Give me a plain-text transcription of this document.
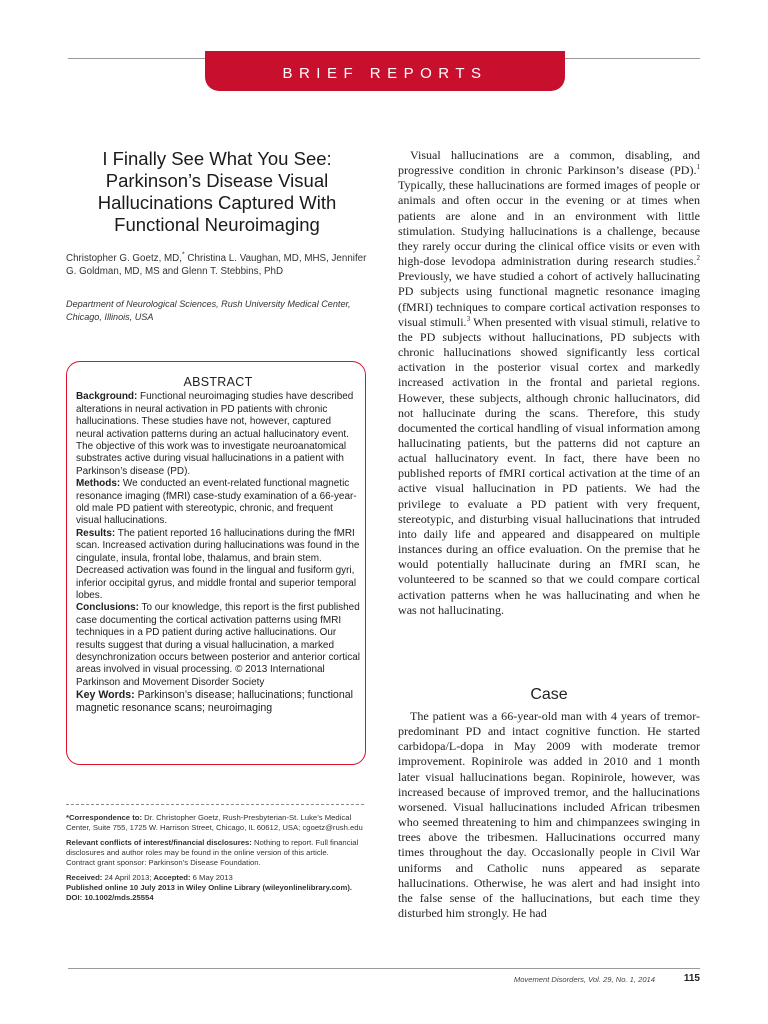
BRIEF REPORTS
I Finally See What You See: Parkinson’s Disease Visual Hallucinations Captured With Functional Neuroimaging
Christopher G. Goetz, MD,* Christina L. Vaughan, MD, MHS, Jennifer G. Goldman, MD, MS and Glenn T. Stebbins, PhD
Department of Neurological Sciences, Rush University Medical Center, Chicago, Illinois, USA
ABSTRACT

Background: Functional neuroimaging studies have described alterations in neural activation in PD patients with chronic hallucinations. These studies have not, however, captured neural activation patterns during an actual hallucinatory event. The objective of this work was to investigate neuroanatomical substrates active during visual hallucinations in a patient with Parkinson’s disease (PD).

Methods: We conducted an event-related functional magnetic resonance imaging (fMRI) case-study examination of a 66-year-old male PD patient with stereotypic, chronic, and frequent visual hallucinations.

Results: The patient reported 16 hallucinations during the fMRI scan. Increased activation during hallucinations was found in the cingulate, insula, frontal lobe, thalamus, and brain stem. Decreased activation was found in the lingual and fusiform gyri, inferior occipital gyrus, and middle frontal and superior temporal lobes.

Conclusions: To our knowledge, this report is the first published case documenting the cortical activation patterns using fMRI techniques in a PD patient during active hallucinations. Our results suggest that during a visual hallucination, a marked desynchronization occurs between posterior and anterior cortical areas involved in visual processing. © 2013 International Parkinson and Movement Disorder Society

Key Words: Parkinson’s disease; hallucinations; functional magnetic resonance scans; neuroimaging

*Correspondence to: Dr. Christopher Goetz, Rush-Presbyterian-St. Luke’s Medical Center, Suite 755, 1725 W. Harrison Street, Chicago, IL 60612, USA; cgoetz@rush.edu

Relevant conflicts of interest/financial disclosures: Nothing to report. Full financial disclosures and author roles may be found in the online version of this article.
Contract grant sponsor: Parkinson’s Disease Foundation.

Received: 24 April 2013; Accepted: 6 May 2013
Published online 10 July 2013 in Wiley Online Library (wileyonlinelibrary.com). DOI: 10.1002/mds.25554

Visual hallucinations are a common, disabling, and progressive condition in chronic Parkinson’s disease (PD).$^1$ Typically, these hallucinations are formed images of people or animals and often occur in the evening or at times when patients are alone and in an environment with little stimulation. Studying hallucinations is a challenge, because they rarely occur during the clinical office visits or even with high-dose levodopa administration during research studies.$^2$ Previously, we have studied a cohort of actively hallucinating PD subjects using functional magnetic resonance imaging (fMRI) techniques to compare cortical activation responses to visual stimuli.$^3$ When presented with visual stimuli, relative to the PD subjects without hallucinations, PD subjects with chronic hallucinations showed significantly less cortical activation in the posterior visual cortex and markedly increased activation in the frontal and parietal regions. However, these subjects, although chronic hallucinators, did not hallucinate during the scans. Therefore, this study documented the cortical handling of visual information among hallucinating patients, but the patterns did not capture an actual hallucinatory event. In fact, there have been no published reports of fMRI cortical activation at the time of an active visual hallucination in PD patients. We had the privilege to evaluate a PD patient with very frequent, stereotypic, and disturbing visual hallucinations that intruded into daily life and appeared and disappeared on multiple instances during an office evaluation. On the premise that he would potentially hallucinate during an fMRI scan, he volunteered to be scanned so that we could compare cortical activation patterns when he was hallucinating and when he was not hallucinating.

Case

The patient was a 66-year-old man with 4 years of tremor-predominant PD and intact cognitive function. He started carbidopa/L-dopa in May 2009 with moderate tremor improvement. Ropinirole was added in 2010 and 1 month later visual hallucinations began. Ropinirole, however, was increased because of improved tremor, and the hallucinations worsened. Visual hallucinations included African tribesmen who seemed threatening to him and chimpanzees swinging in trees above the tribesmen. Hallucinations occurred many times throughout the day. Occasionally people in Civil War uniforms and Catholic nuns appeared as separate hallucinations. Otherwise, he was alert and had insight into the false sense of the hallucinations, but each time they disturbed him strongly. He had

Movement Disorders, Vol. 29, No. 1, 2014	115
